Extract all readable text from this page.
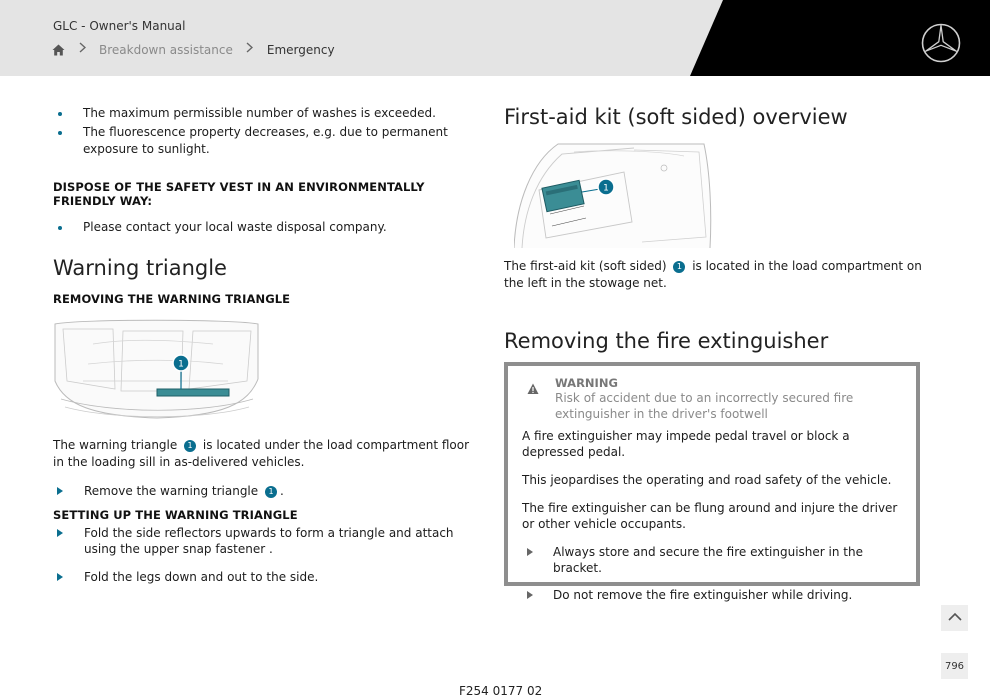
GLC - Owner's Manual
Breakdown assistance	Emergency
The maximum permissible number of washes is exceeded.
The fluorescence property decreases, e.g. due to permanent exposure to sunlight.
DISPOSE OF THE SAFETY VEST IN AN ENVIRONMENTALLY FRIENDLY WAY:
Please contact your local waste disposal company.
Warning triangle
REMOVING THE WARNING TRIANGLE
1
The warning triangle 1 is located under the load compartment floor in the loading sill in as-delivered vehicles.
Remove the warning triangle 1 .
SETTING UP THE WARNING TRIANGLE
Fold the side reflectors upwards to form a triangle and attach using the upper snap fastener .
Fold the legs down and out to the side.
First-aid kit (soft sided) overview
1
The first-aid kit (soft sided) 1 is located in the load compartment on the left in the stowage net.
Removing the fire extinguisher
WARNING
Risk of accident due to an incorrectly secured fire extinguisher in the driver's footwell
A fire extinguisher may impede pedal travel or block a depressed pedal.
This jeopardises the operating and road safety of the vehicle.
The fire extinguisher can be flung around and injure the driver or other vehicle occupants.
Always store and secure the fire extinguisher in the bracket.
Do not remove the fire extinguisher while driving.
796
F254 0177 02
